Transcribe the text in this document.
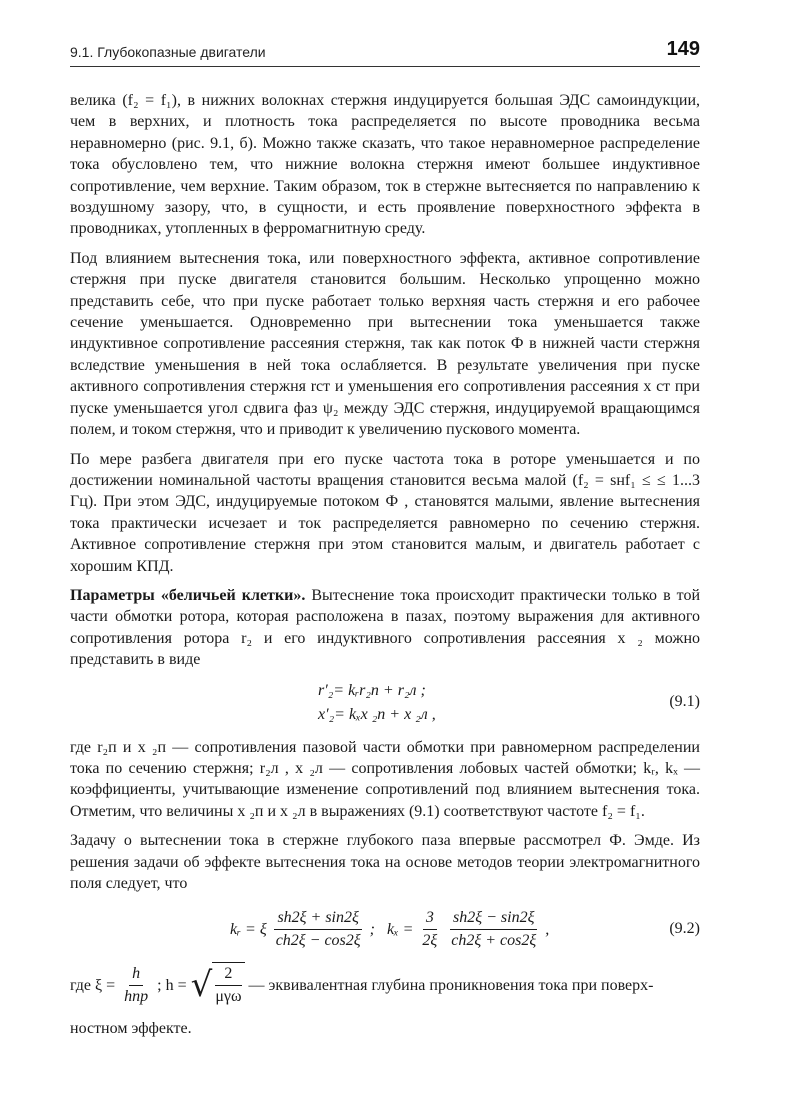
9.1. Глубокопазные двигатели	149

велика (f₂ = f₁), в нижних волокнах стержня индуцируется большая ЭДС самоиндукции, чем в верхних, и плотность тока распределяется по высоте проводника весьма неравномерно (рис. 9.1, б). Можно также сказать, что такое неравномерное распределение тока обусловлено тем, что нижние волокна стержня имеют большее индуктивное сопротивление, чем верхние. Таким образом, ток в стержне вытесняется по направлению к воздушному зазору, что, в сущности, и есть проявление поверхностного эффекта в проводниках, утопленных в ферромагнитную среду.

Под влиянием вытеснения тока, или поверхностного эффекта, активное сопротивление стержня при пуске двигателя становится большим. Несколько упрощенно можно представить себе, что при пуске работает только верхняя часть стержня и его рабочее сечение уменьшается. Одновременно при вытеснении тока уменьшается также индуктивное сопротивление рассеяния стержня, так как поток Ф в нижней части стержня вследствие уменьшения в ней тока ослабляется. В результате увеличения при пуске активного сопротивления стержня rст и уменьшения его сопротивления рассеяния x ст при пуске уменьшается угол сдвига фаз ψ₂ между ЭДС стержня, индуцируемой вращающимся полем, и током стержня, что и приводит к увеличению пускового момента.

По мере разбега двигателя при его пуске частота тока в роторе уменьшается и по достижении номинальной частоты вращения становится весьма малой (f₂ = sнf₁ ≤ ≤ 1...3 Гц). При этом ЭДС, индуцируемые потоком Ф , становятся малыми, явление вытеснения тока практически исчезает и ток распределяется равномерно по сечению стержня. Активное сопротивление стержня при этом становится малым, и двигатель работает с хорошим КПД.

Параметры «беличьей клетки». Вытеснение тока происходит практически только в той части обмотки ротора, которая расположена в пазах, поэтому выражения для активного сопротивления ротора r₂ и его индуктивного сопротивления рассеяния x ₂ можно представить в виде

r′₂= kᵣr₂п + r₂л ;
x′₂= kₓx ₂п + x ₂л ,
(9.1)

где r₂п и x ₂п — сопротивления пазовой части обмотки при равномерном распределении тока по сечению стержня; r₂л , x ₂л — сопротивления лобовых частей обмотки; kᵣ, kₓ — коэффициенты, учитывающие изменение сопротивлений под влиянием вытеснения тока. Отметим, что величины x ₂п и x ₂л в выражениях (9.1) соответствуют частоте f₂ = f₁.

Задачу о вытеснении тока в стержне глубокого паза впервые рассмотрел Ф. Эмде. Из решения задачи об эффекте вытеснения тока на основе методов теории электромагнитного поля следует, что

kᵣ = ξ $\frac{sh2\xi + \sin 2\xi}{ch2\xi - \cos 2\xi}$ ; $k_x = \frac{3}{2\xi} \frac{sh2\xi - \sin 2\xi}{ch2\xi + \cos 2\xi}$ ,	(9.2)
где $\xi = \frac{h}{\text{hпр}}$ ; h = √ 2
μγω
— эквивалентная глубина проникновения тока при поверх-
ностном эффекте.
